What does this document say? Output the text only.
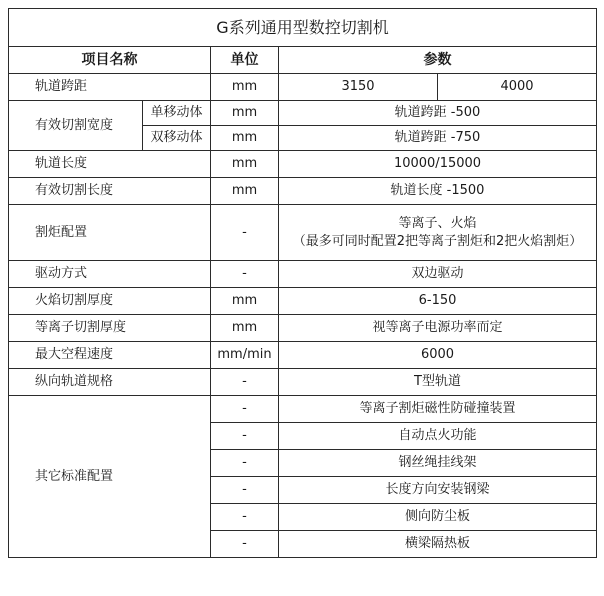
G系列通用型数控切割机				
项目名称		单位	参数	
轨道跨距		mm	3150	4000
有效切割宽度	单移动体	mm	轨道跨距 -500	
	双移动体	mm	轨道跨距 -750	
轨道长度		mm	10000/15000	
有效切割长度		mm	轨道长度 -1500	
割炬配置		-	等离子、火焰
（最多可同时配置2把等离子割炬和2把火焰割炬）	

驱动方式		-	双边驱动	
火焰切割厚度		mm	6-150	
等离子切割厚度		mm	视等离子电源功率而定	
最大空程速度		mm/min	6000	
纵向轨道规格		-	T型轨道	
其它标准配置		-	等离子割炬磁性防碰撞装置	
		-	自动点火功能	
		-	钢丝绳挂线架	
		-	长度方向安装钢梁	
		-	侧向防尘板	
		-	横梁隔热板	
